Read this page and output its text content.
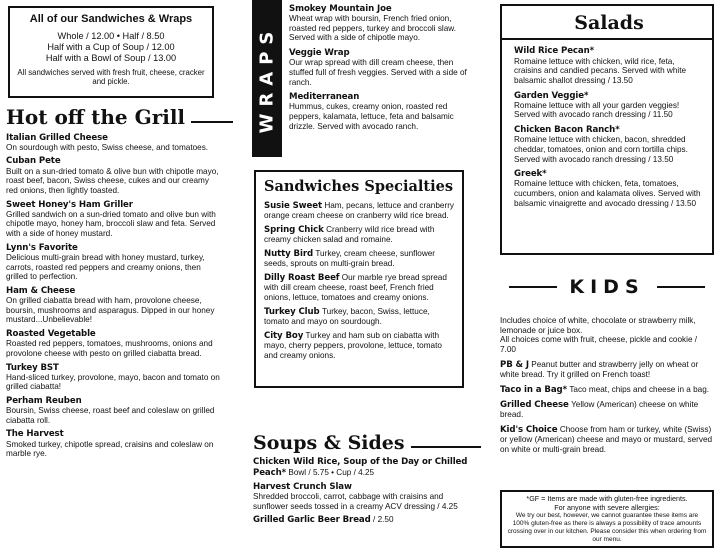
All of our Sandwiches & Wraps
Whole / 12.00 • Half / 8.50
Half with a Cup of Soup / 12.00
Half with a Bowl of Soup / 13.00
All sandwiches served with fresh fruit, cheese, cracker and pickle.
Hot off the Grill
Italian Grilled Cheese
On sourdough with pesto, Swiss cheese, and tomatoes.
Cuban Pete
Built on a sun-dried tomato & olive bun with chipotle mayo, roast beef, bacon, Swiss cheese, cukes and our creamy red onions, then lightly toasted.
Sweet Honey's Ham Griller
Grilled sandwich on a sun-dried tomato and olive bun with chipotle mayo, honey ham, broccoli slaw and feta. Served with a side of honey mustard.
Lynn's Favorite
Delicious multi-grain bread with honey mustard, turkey, carrots, roasted red peppers and creamy onions, then grilled to perfection.
Ham & Cheese
On grilled ciabatta bread with ham, provolone cheese, boursin, mushrooms and asparagus. Dipped in our honey mustard...Unbelievable!
Roasted Vegetable
Roasted red peppers, tomatoes, mushrooms, onions and provolone cheese with pesto on grilled ciabatta bread.
Turkey BST
Hand-sliced turkey, provolone, mayo, bacon and tomato on grilled ciabatta!
Perham Reuben
Boursin, Swiss cheese, roast beef and coleslaw on grilled ciabatta roll.
The Harvest
Smoked turkey, chipotle spread, craisins and coleslaw on marble rye.
WRAPS
Smokey Mountain Joe
Wheat wrap with boursin, French fried onion, roasted red peppers, turkey and broccoli slaw. Served with a side of chipotle mayo.
Veggie Wrap
Our wrap spread with dill cream cheese, then stuffed full of fresh veggies. Served with a side of ranch.
Mediterranean
Hummus, cukes, creamy onion, roasted red peppers, kalamata, lettuce, feta and balsamic drizzle. Served with avocado ranch.
Sandwiches Specialties
Susie Sweet Ham, pecans, lettuce and cranberry orange cream cheese on cranberry wild rice bread.
Spring Chick Cranberry wild rice bread with creamy chicken salad and romaine.
Nutty Bird Turkey, cream cheese, sunflower seeds, sprouts on multi-grain bread.
Dilly Roast Beef Our marble rye bread spread with dill cream cheese, roast beef, French fried onions, lettuce, tomatoes and creamy onions.
Turkey Club Turkey, bacon, Swiss, lettuce, tomato and mayo on sourdough.
City Boy Turkey and ham sub on ciabatta with mayo, cherry peppers, provolone, lettuce, tomato and creamy onions.
Soups & Sides
Chicken Wild Rice, Soup of the Day or Chilled Peach* Bowl / 5.75 • Cup / 4.25
Harvest Crunch Slaw
Shredded broccoli, carrot, cabbage with craisins and sunflower seeds tossed in a creamy ACV dressing / 4.25
Grilled Garlic Beer Bread / 2.50
Salads
Wild Rice Pecan*
Romaine lettuce with chicken, wild rice, feta, craisins and candied pecans. Served with white balsamic shallot dressing / 13.50
Garden Veggie*
Romaine lettuce with all your garden veggies! Served with avocado ranch dressing / 11.50
Chicken Bacon Ranch*
Romaine lettuce with chicken, bacon, shredded cheddar, tomatoes, onion and corn tortilla chips. Served with avocado ranch dressing / 13.50
Greek*
Romaine lettuce with chicken, feta, tomatoes, cucumbers, onion and kalamata olives. Served with balsamic vinaigrette and avocado dressing / 13.50
KIDS
Includes choice of white, chocolate or strawberry milk, lemonade or juice box.
All choices come with fruit, cheese, pickle and cookie / 7.00
PB & J Peanut butter and strawberry jelly on wheat or white bread. Try it grilled on French toast!
Taco in a Bag* Taco meat, chips and cheese in a bag.
Grilled Cheese Yellow (American) cheese on white bread.
Kid's Choice Choose from ham or turkey, white (Swiss) or yellow (American) cheese and mayo or mustard, served on white or multi-grain bread.
*GF = Items are made with gluten-free ingredients.
For anyone with severe allergies:
We try our best, however, we cannot guarantee these items are 100% gluten-free as there is always a possibility of trace amounts crossing over in our kitchen. Please consider this when ordering from our menu.
